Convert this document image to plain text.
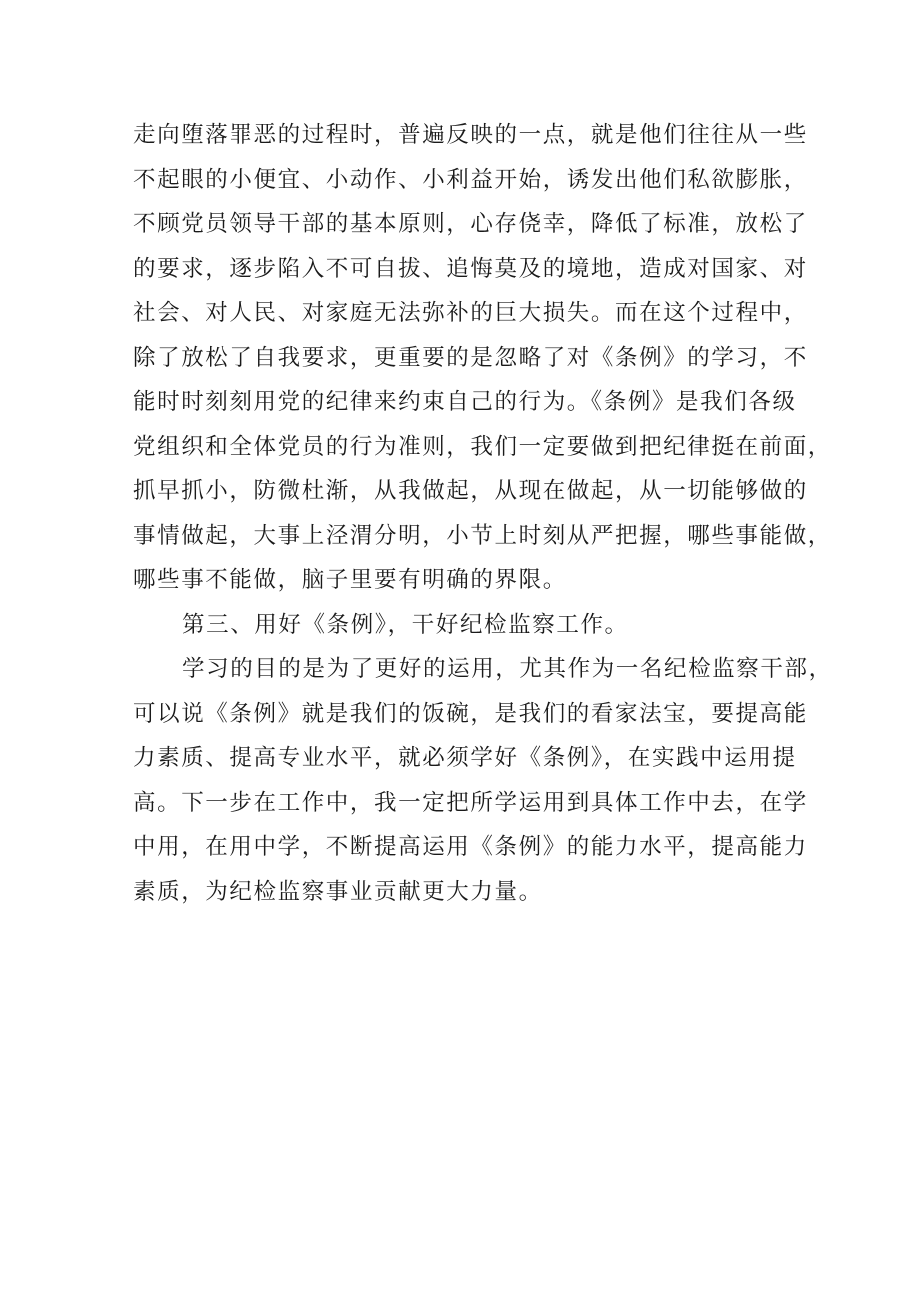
走向堕落罪恶的过程时，普遍反映的一点，就是他们往往从一些
不起眼的小便宜、小动作、小利益开始，诱发出他们私欲膨胀，
不顾党员领导干部的基本原则，心存侥幸，降低了标准，放松了
的要求，逐步陷入不可自拔、追悔莫及的境地，造成对国家、对
社会、对人民、对家庭无法弥补的巨大损失。而在这个过程中，
除了放松了自我要求，更重要的是忽略了对《条例》的学习，不
能时时刻刻用党的纪律来约束自己的行为。《条例》是我们各级
党组织和全体党员的行为准则，我们一定要做到把纪律挺在前面，
抓早抓小，防微杜渐，从我做起，从现在做起，从一切能够做的
事情做起，大事上泾渭分明，小节上时刻从严把握，哪些事能做，
哪些事不能做，脑子里要有明确的界限。
第三、用好《条例》，干好纪检监察工作。
学习的目的是为了更好的运用，尤其作为一名纪检监察干部，
可以说《条例》就是我们的饭碗，是我们的看家法宝，要提高能
力素质、提高专业水平，就必须学好《条例》，在实践中运用提
高。下一步在工作中，我一定把所学运用到具体工作中去，在学
中用，在用中学，不断提高运用《条例》的能力水平，提高能力
素质，为纪检监察事业贡献更大力量。
